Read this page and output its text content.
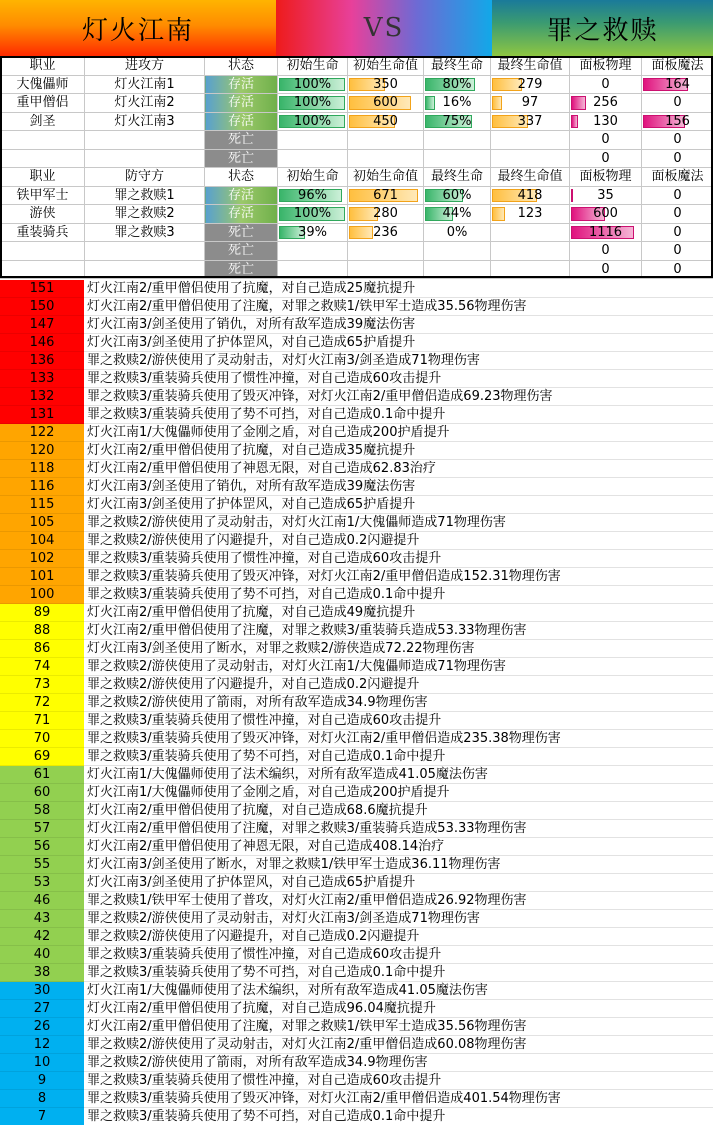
灯火江南	VS	罪之救赎
职业	进攻方	状态	初始生命	初始生命值	最终生命	最终生命值	面板物理	面板魔法
大傀儡师	灯火江南1	存活	100%	350	80%	279	0	164
重甲僧侣	灯火江南2	存活	100%	600	16%	97	256	0
剑圣	灯火江南3	存活	100%	450	75%	337	130	156
		死亡					0	0
		死亡					0	0
职业	防守方	状态	初始生命	初始生命值	最终生命	最终生命值	面板物理	面板魔法
铁甲军士	罪之救赎1	存活	96%	671	60%	418	35	0
游侠	罪之救赎2	存活	100%	280	44%	123	600	0
重装骑兵	罪之救赎3	死亡	39%	236	0%		1116	0
		死亡					0	0
		死亡					0	0
151	灯火江南2/重甲僧侣使用了抗魔，对自己造成25魔抗提升
150	灯火江南2/重甲僧侣使用了注魔，对罪之救赎1/铁甲军士造成35.56物理伤害
147	灯火江南3/剑圣使用了销仇，对所有敌军造成39魔法伤害
146	灯火江南3/剑圣使用了护体罡风，对自己造成65护盾提升
136	罪之救赎2/游侠使用了灵动射击，对灯火江南3/剑圣造成71物理伤害
133	罪之救赎3/重装骑兵使用了惯性冲撞，对自己造成60攻击提升
132	罪之救赎3/重装骑兵使用了毁灭冲锋，对灯火江南2/重甲僧侣造成69.23物理伤害
131	罪之救赎3/重装骑兵使用了势不可挡，对自己造成0.1命中提升
122	灯火江南1/大傀儡师使用了金刚之盾，对自己造成200护盾提升
120	灯火江南2/重甲僧侣使用了抗魔，对自己造成35魔抗提升
118	灯火江南2/重甲僧侣使用了神恩无限，对自己造成62.83治疗
116	灯火江南3/剑圣使用了销仇，对所有敌军造成39魔法伤害
115	灯火江南3/剑圣使用了护体罡风，对自己造成65护盾提升
105	罪之救赎2/游侠使用了灵动射击，对灯火江南1/大傀儡师造成71物理伤害
104	罪之救赎2/游侠使用了闪避提升，对自己造成0.2闪避提升
102	罪之救赎3/重装骑兵使用了惯性冲撞，对自己造成60攻击提升
101	罪之救赎3/重装骑兵使用了毁灭冲锋，对灯火江南2/重甲僧侣造成152.31物理伤害
100	罪之救赎3/重装骑兵使用了势不可挡，对自己造成0.1命中提升
89	灯火江南2/重甲僧侣使用了抗魔，对自己造成49魔抗提升
88	灯火江南2/重甲僧侣使用了注魔，对罪之救赎3/重装骑兵造成53.33物理伤害
86	灯火江南3/剑圣使用了断水，对罪之救赎2/游侠造成72.22物理伤害
74	罪之救赎2/游侠使用了灵动射击，对灯火江南1/大傀儡师造成71物理伤害
73	罪之救赎2/游侠使用了闪避提升，对自己造成0.2闪避提升
72	罪之救赎2/游侠使用了箭雨，对所有敌军造成34.9物理伤害
71	罪之救赎3/重装骑兵使用了惯性冲撞，对自己造成60攻击提升
70	罪之救赎3/重装骑兵使用了毁灭冲锋，对灯火江南2/重甲僧侣造成235.38物理伤害
69	罪之救赎3/重装骑兵使用了势不可挡，对自己造成0.1命中提升
61	灯火江南1/大傀儡师使用了法术编织，对所有敌军造成41.05魔法伤害
60	灯火江南1/大傀儡师使用了金刚之盾，对自己造成200护盾提升
58	灯火江南2/重甲僧侣使用了抗魔，对自己造成68.6魔抗提升
57	灯火江南2/重甲僧侣使用了注魔，对罪之救赎3/重装骑兵造成53.33物理伤害
56	灯火江南2/重甲僧侣使用了神恩无限，对自己造成408.14治疗
55	灯火江南3/剑圣使用了断水，对罪之救赎1/铁甲军士造成36.11物理伤害
53	灯火江南3/剑圣使用了护体罡风，对自己造成65护盾提升
46	罪之救赎1/铁甲军士使用了普攻，对灯火江南2/重甲僧侣造成26.92物理伤害
43	罪之救赎2/游侠使用了灵动射击，对灯火江南3/剑圣造成71物理伤害
42	罪之救赎2/游侠使用了闪避提升，对自己造成0.2闪避提升
40	罪之救赎3/重装骑兵使用了惯性冲撞，对自己造成60攻击提升
38	罪之救赎3/重装骑兵使用了势不可挡，对自己造成0.1命中提升
30	灯火江南1/大傀儡师使用了法术编织，对所有敌军造成41.05魔法伤害
27	灯火江南2/重甲僧侣使用了抗魔，对自己造成96.04魔抗提升
26	灯火江南2/重甲僧侣使用了注魔，对罪之救赎1/铁甲军士造成35.56物理伤害
12	罪之救赎2/游侠使用了灵动射击，对灯火江南2/重甲僧侣造成60.08物理伤害
10	罪之救赎2/游侠使用了箭雨，对所有敌军造成34.9物理伤害
9	罪之救赎3/重装骑兵使用了惯性冲撞，对自己造成60攻击提升
8	罪之救赎3/重装骑兵使用了毁灭冲锋，对灯火江南2/重甲僧侣造成401.54物理伤害
7	罪之救赎3/重装骑兵使用了势不可挡，对自己造成0.1命中提升
